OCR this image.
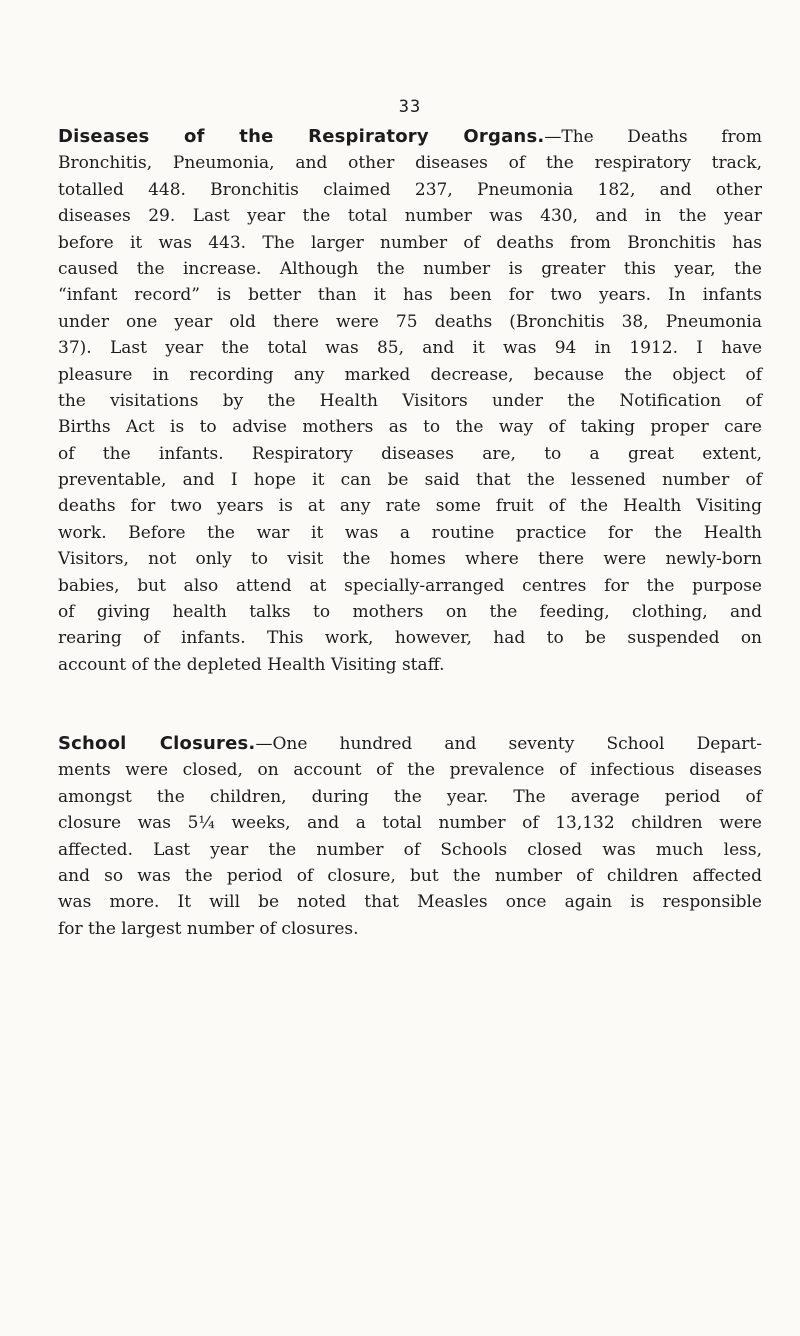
33
Diseases of the Respiratory Organs.—The Deaths from
Bronchitis, Pneumonia, and other diseases of the respiratory track,
totalled 448. Bronchitis claimed 237, Pneumonia 182, and other
diseases 29. Last year the total number was 430, and in the year
before it was 443. The larger number of deaths from Bronchitis has
caused the increase. Although the number is greater this year, the
“infant record” is better than it has been for two years. In infants
under one year old there were 75 deaths (Bronchitis 38, Pneumonia
37). Last year the total was 85, and it was 94 in 1912. I have
pleasure in recording any marked decrease, because the object of
the visitations by the Health Visitors under the Notification of
Births Act is to advise mothers as to the way of taking proper care
of the infants. Respiratory diseases are, to a great extent,
preventable, and I hope it can be said that the lessened number of
deaths for two years is at any rate some fruit of the Health Visiting
work. Before the war it was a routine practice for the Health
Visitors, not only to visit the homes where there were newly-born
babies, but also attend at specially-arranged centres for the purpose
of giving health talks to mothers on the feeding, clothing, and
rearing of infants. This work, however, had to be suspended on
account of the depleted Health Visiting staff.
School Closures.—One hundred and seventy School Depart-
ments were closed, on account of the prevalence of infectious diseases
amongst the children, during the year. The average period of
closure was 5¼ weeks, and a total number of 13,132 children were
affected. Last year the number of Schools closed was much less,
and so was the period of closure, but the number of children affected
was more. It will be noted that Measles once again is responsible
for the largest number of closures.
